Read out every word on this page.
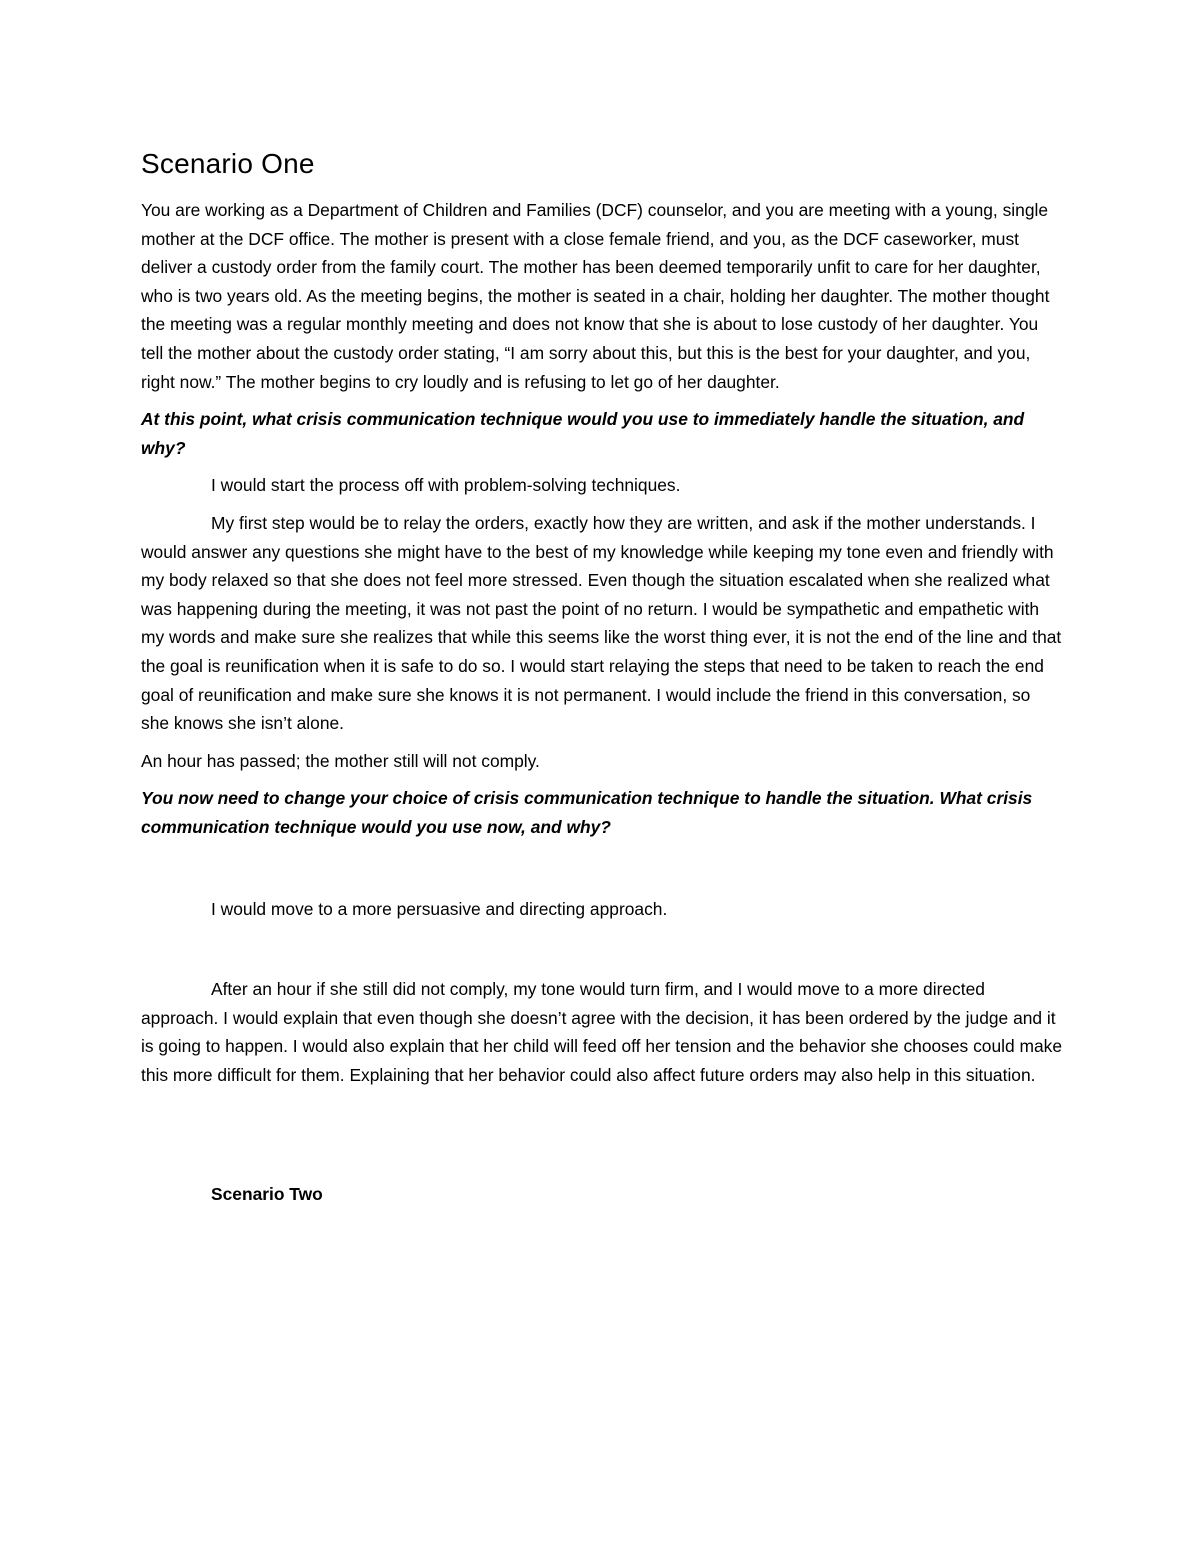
Scenario One

You are working as a Department of Children and Families (DCF) counselor, and you are meeting with a young, single mother at the DCF office. The mother is present with a close female friend, and you, as the DCF caseworker, must deliver a custody order from the family court. The mother has been deemed temporarily unfit to care for her daughter, who is two years old. As the meeting begins, the mother is seated in a chair, holding her daughter. The mother thought the meeting was a regular monthly meeting and does not know that she is about to lose custody of her daughter. You tell the mother about the custody order stating, “I am sorry about this, but this is the best for your daughter, and you, right now.” The mother begins to cry loudly and is refusing to let go of her daughter.

At this point, what crisis communication technique would you use to immediately handle the situation, and why?

I would start the process off with problem-solving techniques.

My first step would be to relay the orders, exactly how they are written, and ask if the mother understands. I would answer any questions she might have to the best of my knowledge while keeping my tone even and friendly with my body relaxed so that she does not feel more stressed. Even though the situation escalated when she realized what was happening during the meeting, it was not past the point of no return. I would be sympathetic and empathetic with my words and make sure she realizes that while this seems like the worst thing ever, it is not the end of the line and that the goal is reunification when it is safe to do so. I would start relaying the steps that need to be taken to reach the end goal of reunification and make sure she knows it is not permanent. I would include the friend in this conversation, so she knows she isn’t alone.

An hour has passed; the mother still will not comply.

You now need to change your choice of crisis communication technique to handle the situation. What crisis communication technique would you use now, and why?

I would move to a more persuasive and directing approach.

After an hour if she still did not comply, my tone would turn firm, and I would move to a more directed approach. I would explain that even though she doesn’t agree with the decision, it has been ordered by the judge and it is going to happen. I would also explain that her child will feed off her tension and the behavior she chooses could make this more difficult for them. Explaining that her behavior could also affect future orders may also help in this situation.

Scenario Two
